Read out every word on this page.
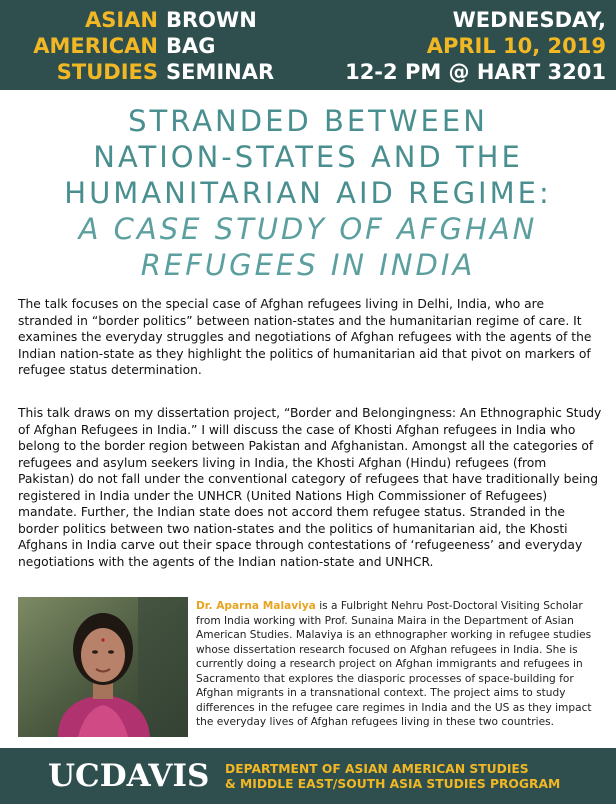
ASIAN
AMERICAN
STUDIES
BROWN
BAG
SEMINAR
WEDNESDAY,
APRIL 10, 2019
12-2 PM @ HART 3201
STRANDED BETWEEN
NATION-STATES AND THE
HUMANITARIAN AID REGIME:
A CASE STUDY OF AFGHAN
REFUGEES IN INDIA

The talk focuses on the special case of Afghan refugees living in Delhi, India, who are stranded in “border politics” between nation-states and the humanitarian regime of care. It examines the everyday struggles and negotiations of Afghan refugees with the agents of the Indian nation-state as they highlight the politics of humanitarian aid that pivot on markers of refugee status determination.

This talk draws on my dissertation project, “Border and Belongingness: An Ethnographic Study of Afghan Refugees in India.” I will discuss the case of Khosti Afghan refugees in India who belong to the border region between Pakistan and Afghanistan. Amongst all the categories of refugees and asylum seekers living in India, the Khosti Afghan (Hindu) refugees (from Pakistan) do not fall under the conventional category of refugees that have traditionally being registered in India under the UNHCR (United Nations High Commissioner of Refugees) mandate. Further, the Indian state does not accord them refugee status. Stranded in the border politics between two nation-states and the politics of humanitarian aid, the Khosti Afghans in India carve out their space through contestations of ‘refugeeness’ and everyday negotiations with the agents of the Indian nation-state and UNHCR.

Dr. Aparna Malaviya is a Fulbright Nehru Post-Doctoral Visiting Scholar from India working with Prof. Sunaina Maira in the Department of Asian American Studies. Malaviya is an ethnographer working in refugee studies whose dissertation research focused on Afghan refugees in India. She is currently doing a research project on Afghan immigrants and refugees in Sacramento that explores the diasporic processes of space-building for Afghan migrants in a transnational context. The project aims to study differences in the refugee care regimes in India and the US as they impact the everyday lives of Afghan refugees living in these two countries.

UCDAVIS DEPARTMENT OF ASIAN AMERICAN STUDIES
& MIDDLE EAST/SOUTH ASIA STUDIES PROGRAM
